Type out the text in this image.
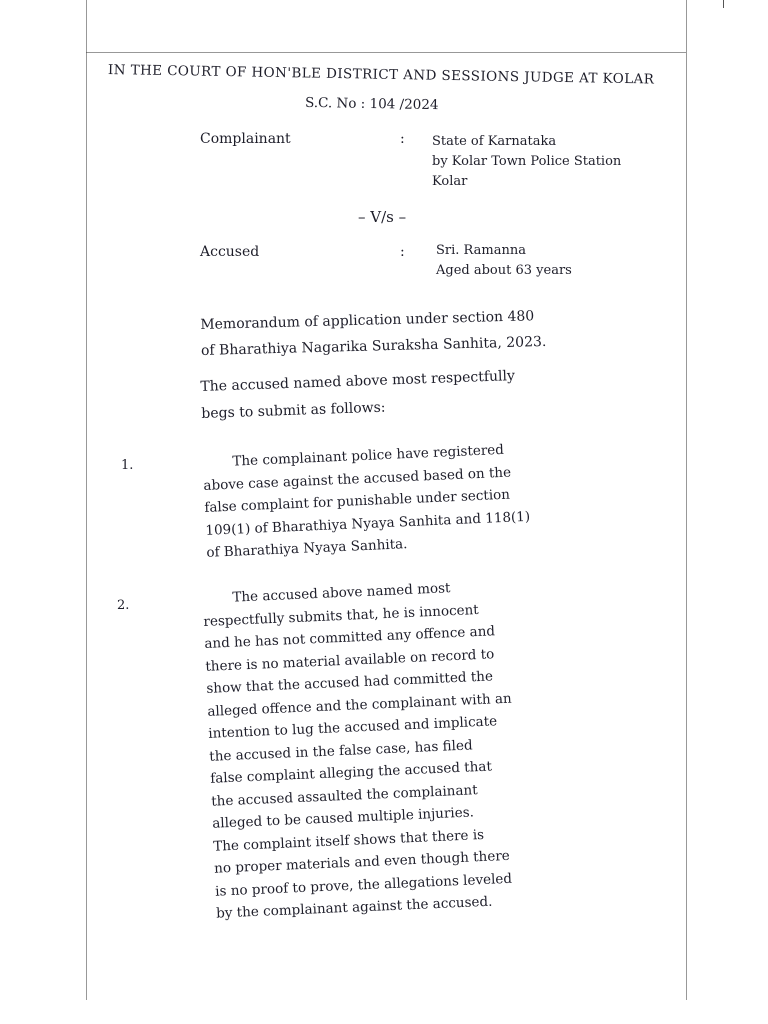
IN THE COURT OF HON'BLE DISTRICT AND SESSIONS JUDGE AT KOLAR
S.C. No : 104 /2024
Complainant	: State of Karnataka
by Kolar Town Police Station
Kolar
– V/s –
Accused	: Sri. Ramanna
Aged about 63 years
Memorandum of application under section 480
of Bharathiya Nagarika Suraksha Sanhita, 2023.
The accused named above most respectfully
begs to submit as follows:
1.	The complainant police have registered
above case against the accused based on the
false complaint for punishable under section
109(1) of Bharathiya Nyaya Sanhita and 118(1)
of Bharathiya Nyaya Sanhita.
2.	The accused above named most
respectfully submits that, he is innocent
and he has not committed any offence and
there is no material available on record to
show that the accused had committed the
alleged offence and the complainant with an
intention to lug the accused and implicate
the accused in the false case, has filed
false complaint alleging the accused that
the accused assaulted the complainant
alleged to be caused multiple injuries.
The complaint itself shows that there is
no proper materials and even though there
is no proof to prove, the allegations leveled
by the complainant against the accused.
